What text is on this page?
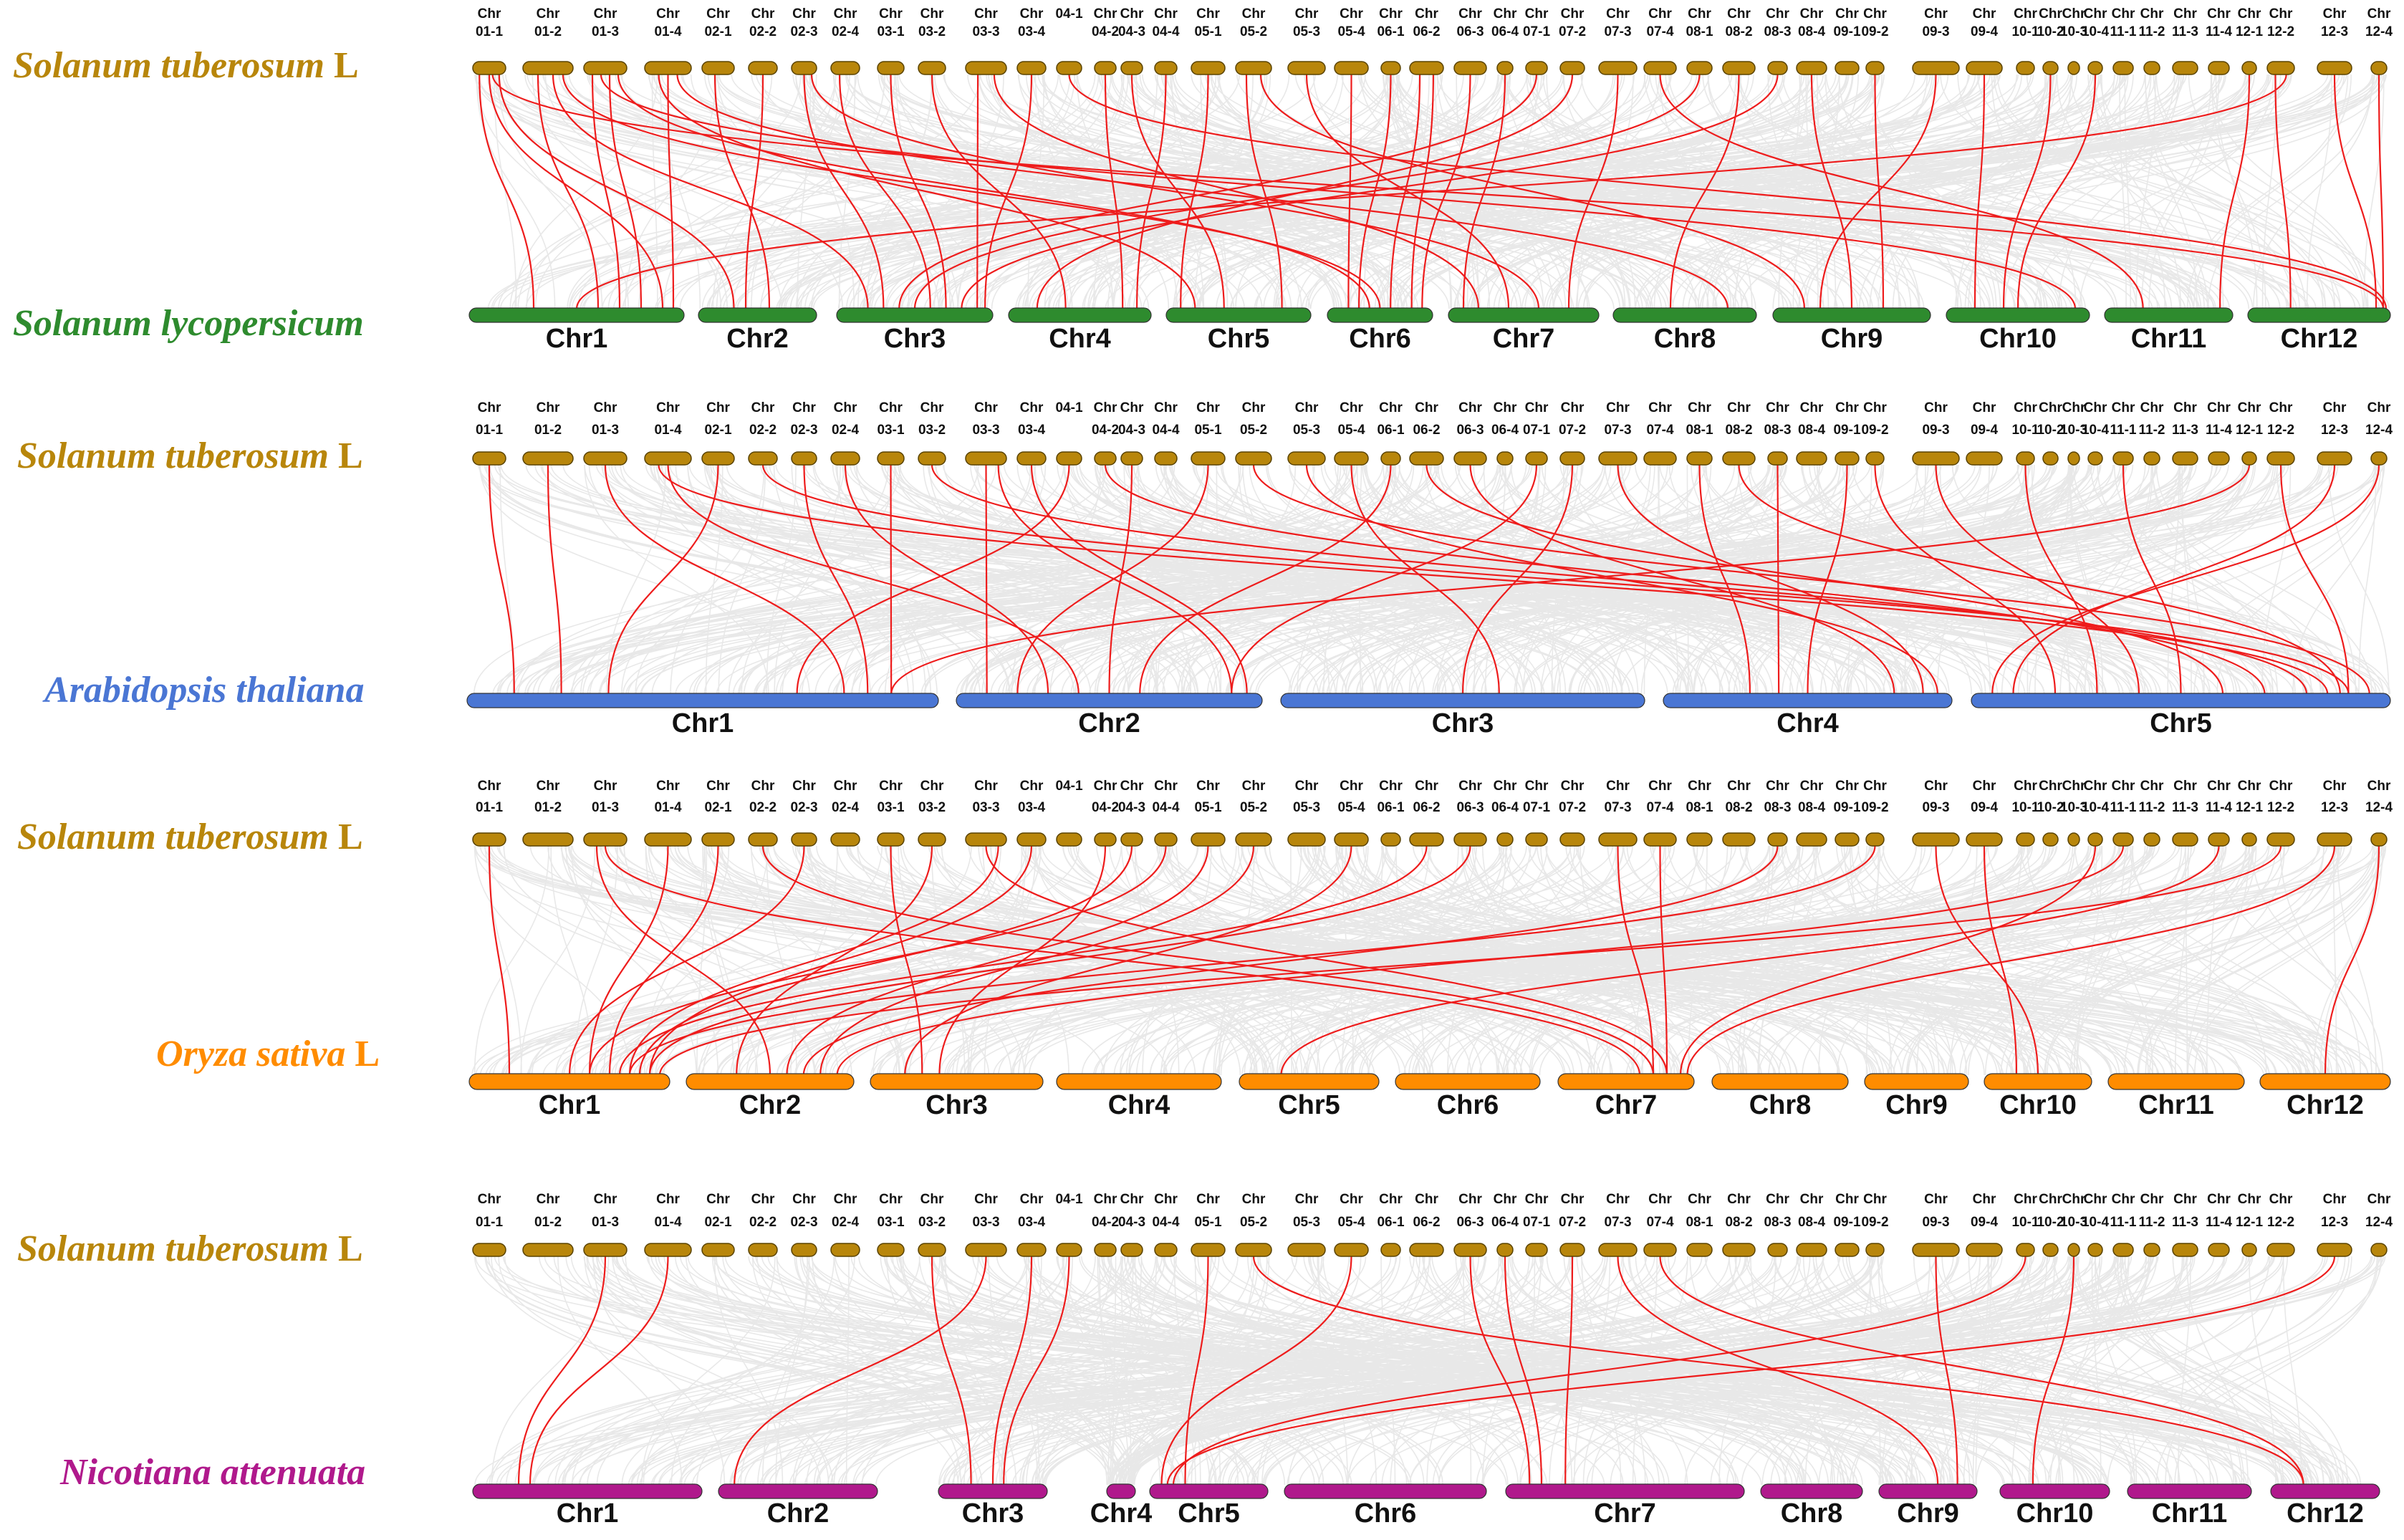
Chr
01-1
Chr
01-2
Chr
01-3
Chr
01-4
Chr
02-1
Chr
02-2
Chr
02-3
Chr
02-4
Chr
03-1
Chr
03-2
Chr
03-3
Chr
03-4
04-1 Chr
04-2
Chr
04-3
Chr
04-4
Chr
05-1
Chr
05-2
Chr
05-3
Chr
05-4
Chr
06-1
Chr
06-2
Chr
06-3
Chr
06-4
Chr
07-1
Chr
07-2
Chr
07-3
Chr
07-4
Chr
08-1
Chr
08-2
Chr
08-3
Chr
08-4
Chr
09-1
Chr
09-2
Chr
09-3
Chr
09-4
Chr
10-1
Chr
10-2
Chr
10-3
Chr
10-4
Chr
11-1
Chr
11-2
Chr
11-3
Chr
11-4
Chr
12-1
Chr
12-2
Chr
12-3
Chr
12-4
Chr1	Chr2	Chr3	Chr4	Chr5	Chr6	Chr7	Chr8	Chr9	Chr10	Chr11	Chr12
Solanum tuberosum L
Solanum lycopersicum
Chr
01-1
Chr
01-2
Chr
01-3
Chr
01-4
Chr
02-1
Chr
02-2
Chr
02-3
Chr
02-4
Chr
03-1
Chr
03-2
Chr
03-3
Chr
03-4
04-1 Chr
04-2
Chr
04-3
Chr
04-4
Chr
05-1
Chr
05-2
Chr
05-3
Chr
05-4
Chr
06-1
Chr
06-2
Chr
06-3
Chr
06-4
Chr
07-1
Chr
07-2
Chr
07-3
Chr
07-4
Chr
08-1
Chr
08-2
Chr
08-3
Chr
08-4
Chr
09-1
Chr
09-2
Chr
09-3
Chr
09-4
Chr
10-1
Chr
10-2
Chr
10-3
Chr
10-4
Chr
11-1
Chr
11-2
Chr
11-3
Chr
11-4
Chr
12-1
Chr
12-2
Chr
12-3
Chr
12-4
Chr1	Chr2	Chr3	Chr4	Chr5
Solanum tuberosum L
Arabidopsis thaliana
Chr
01-1
Chr
01-2
Chr
01-3
Chr
01-4
Chr
02-1
Chr
02-2
Chr
02-3
Chr
02-4
Chr
03-1
Chr
03-2
Chr
03-3
Chr
03-4
04-1 Chr
04-2
Chr
04-3
Chr
04-4
Chr
05-1
Chr
05-2
Chr
05-3
Chr
05-4
Chr
06-1
Chr
06-2
Chr
06-3
Chr
06-4
Chr
07-1
Chr
07-2
Chr
07-3
Chr
07-4
Chr
08-1
Chr
08-2
Chr
08-3
Chr
08-4
Chr
09-1
Chr
09-2
Chr
09-3
Chr
09-4
Chr
10-1
Chr
10-2
Chr
10-3
Chr
10-4
Chr
11-1
Chr
11-2
Chr
11-3
Chr
11-4
Chr
12-1
Chr
12-2
Chr
12-3
Chr
12-4
Chr1	Chr2	Chr3	Chr4	Chr5	Chr6	Chr7	Chr8	Chr9 Chr10 Chr11	Chr12
Solanum tuberosum L
Oryza sativa L
Chr
01-1
Chr
01-2
Chr
01-3
Chr
01-4
Chr
02-1
Chr
02-2
Chr
02-3
Chr
02-4
Chr
03-1
Chr
03-2
Chr
03-3
Chr
03-4
04-1 Chr
04-2
Chr
04-3
Chr
04-4
Chr
05-1
Chr
05-2
Chr
05-3
Chr
05-4
Chr
06-1
Chr
06-2
Chr
06-3
Chr
06-4
Chr
07-1
Chr
07-2
Chr
07-3
Chr
07-4
Chr
08-1
Chr
08-2
Chr
08-3
Chr
08-4
Chr
09-1
Chr
09-2
Chr
09-3
Chr
09-4
Chr
10-1
Chr
10-2
Chr
10-3
Chr
10-4
Chr
11-1
Chr
11-2
Chr
11-3
Chr
11-4
Chr
12-1
Chr
12-2
Chr
12-3
Chr
12-4
Chr1	Chr2	Chr3 Chr4 Chr5	Chr6	Chr7	Chr8 Chr9 Chr10 Chr11 Chr12
Solanum tuberosum L
Nicotiana attenuata
